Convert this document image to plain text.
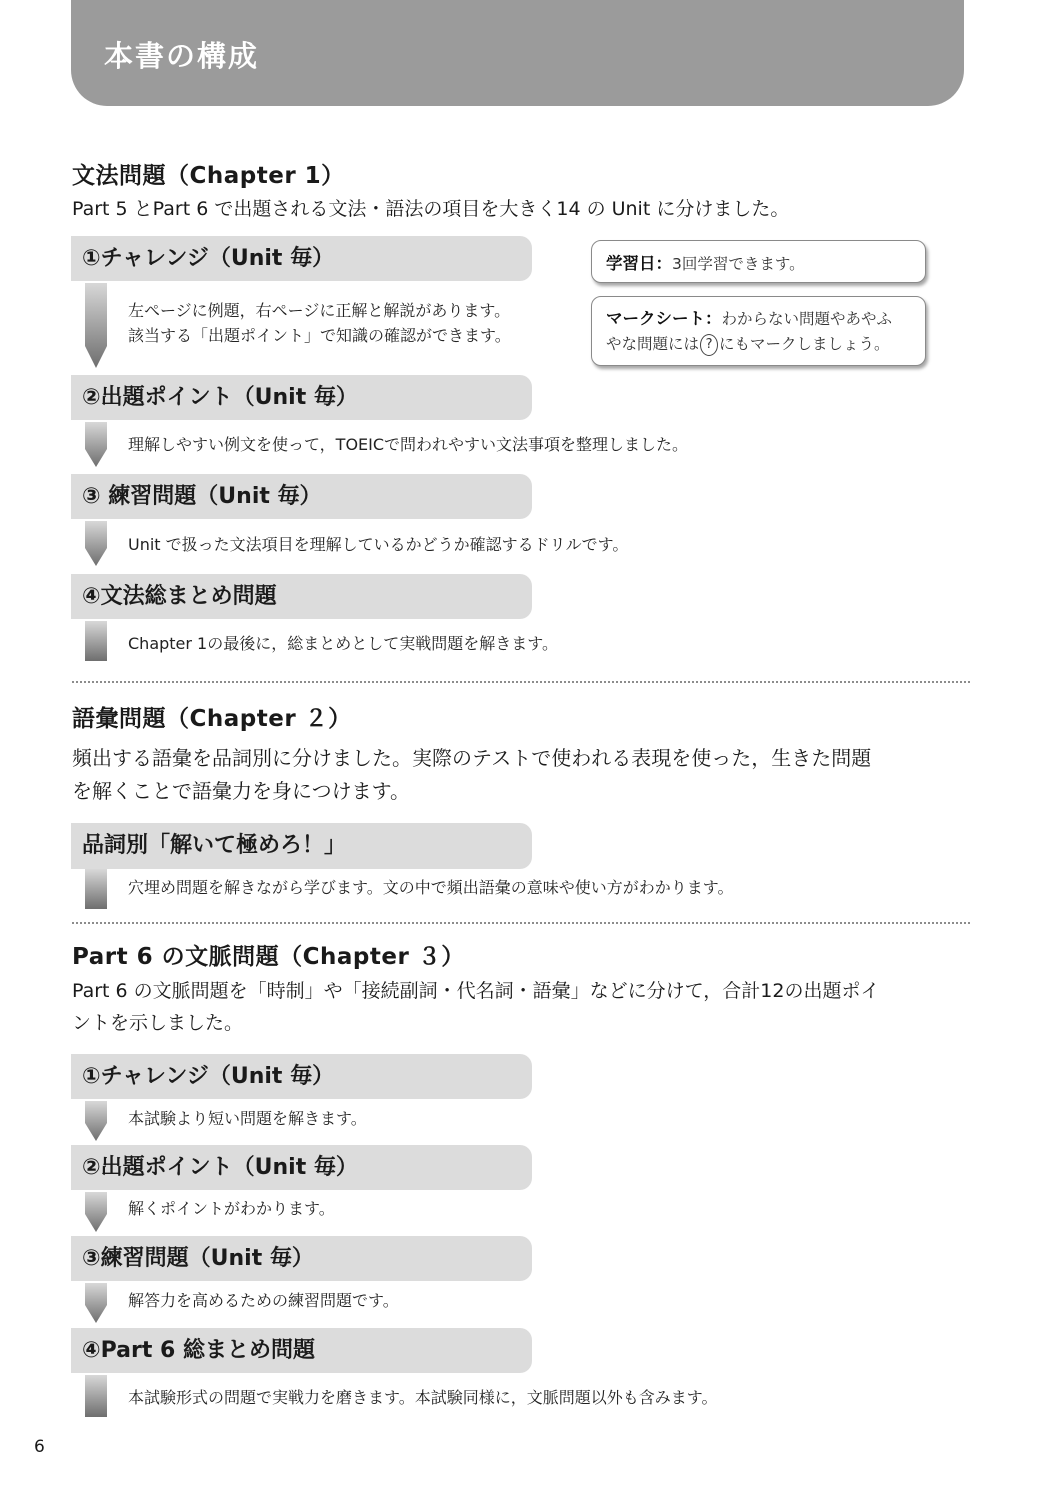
本書の構成
文法問題（Chapter 1）
Part 5 とPart 6 で出題される文法・語法の項目を大きく14 の Unit に分けました。
①チャレンジ（Unit 毎）
左ページに例題，右ページに正解と解説があります。
該当する「出題ポイント」で知識の確認ができます。
学習日：3回学習できます。
マークシート：わからない問題やあやふ
やな問題には ? にもマークしましょう。
②出題ポイント（Unit 毎）
理解しやすい例文を使って，TOEICで問われやすい文法事項を整理しました。
③ 練習問題（Unit 毎）
Unit で扱った文法項目を理解しているかどうか確認するドリルです。
④文法総まとめ問題
Chapter 1の最後に，総まとめとして実戦問題を解きます。
語彙問題（Chapter ２）
頻出する語彙を品詞別に分けました。実際のテストで使われる表現を使った，生きた問題
を解くことで語彙力を身につけます。
品詞別「解いて極めろ！」
穴埋め問題を解きながら学びます。文の中で頻出語彙の意味や使い方がわかります。
Part 6 の文脈問題（Chapter ３）
Part 6 の文脈問題を「時制」や「接続副詞・代名詞・語彙」などに分けて，合計12の出題ポイ
ントを示しました。
①チャレンジ（Unit 毎）
本試験より短い問題を解きます。
②出題ポイント（Unit 毎）
解くポイントがわかります。
③練習問題（Unit 毎）
解答力を高めるための練習問題です。
④Part 6 総まとめ問題
本試験形式の問題で実戦力を磨きます。本試験同様に，文脈問題以外も含みます。
6
